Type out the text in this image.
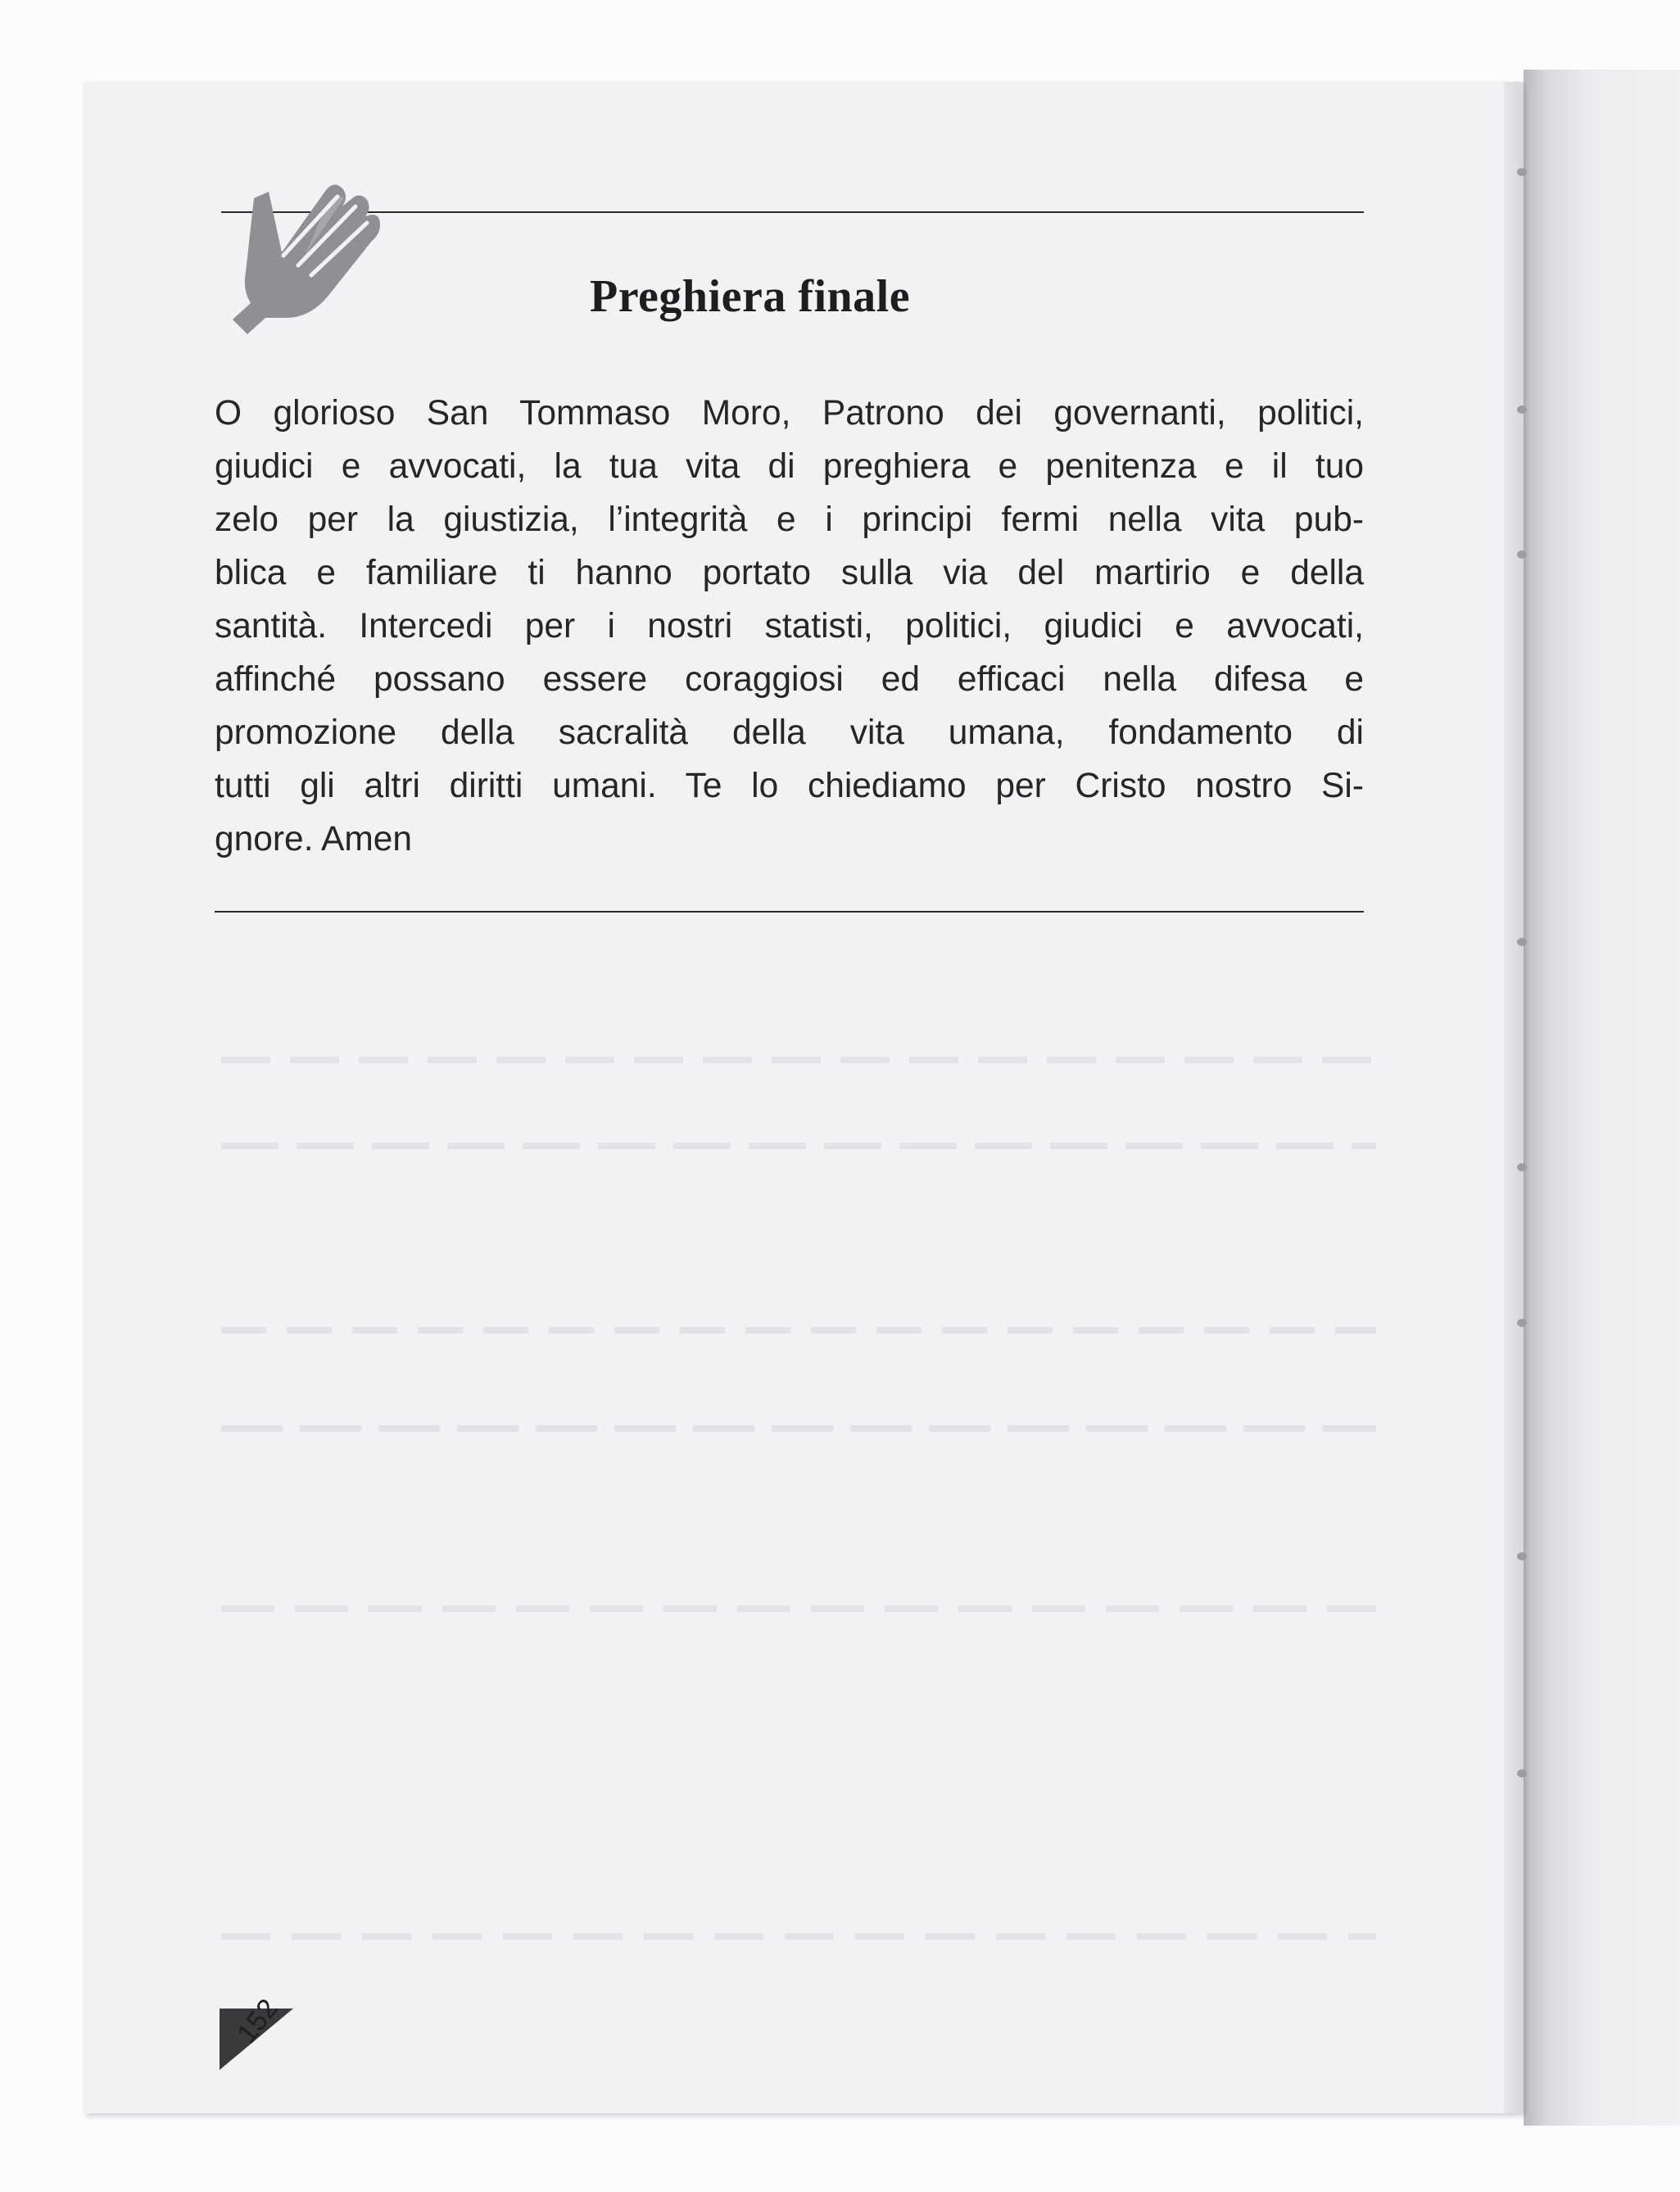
Preghiera finale
O glorioso San Tommaso Moro, Patrono dei governanti, politici,
giudici e avvocati, la tua vita di preghiera e penitenza e il tuo
zelo per la giustizia, l’integrità e i principi fermi nella vita pub-
blica e familiare ti hanno portato sulla via del martirio e della
santità. Intercedi per i nostri statisti, politici, giudici e avvocati,
affinché possano essere coraggiosi ed efficaci nella difesa e
promozione della sacralità della vita umana, fondamento di
tutti gli altri diritti umani. Te lo chiediamo per Cristo nostro Si-
gnore. Amen
152
